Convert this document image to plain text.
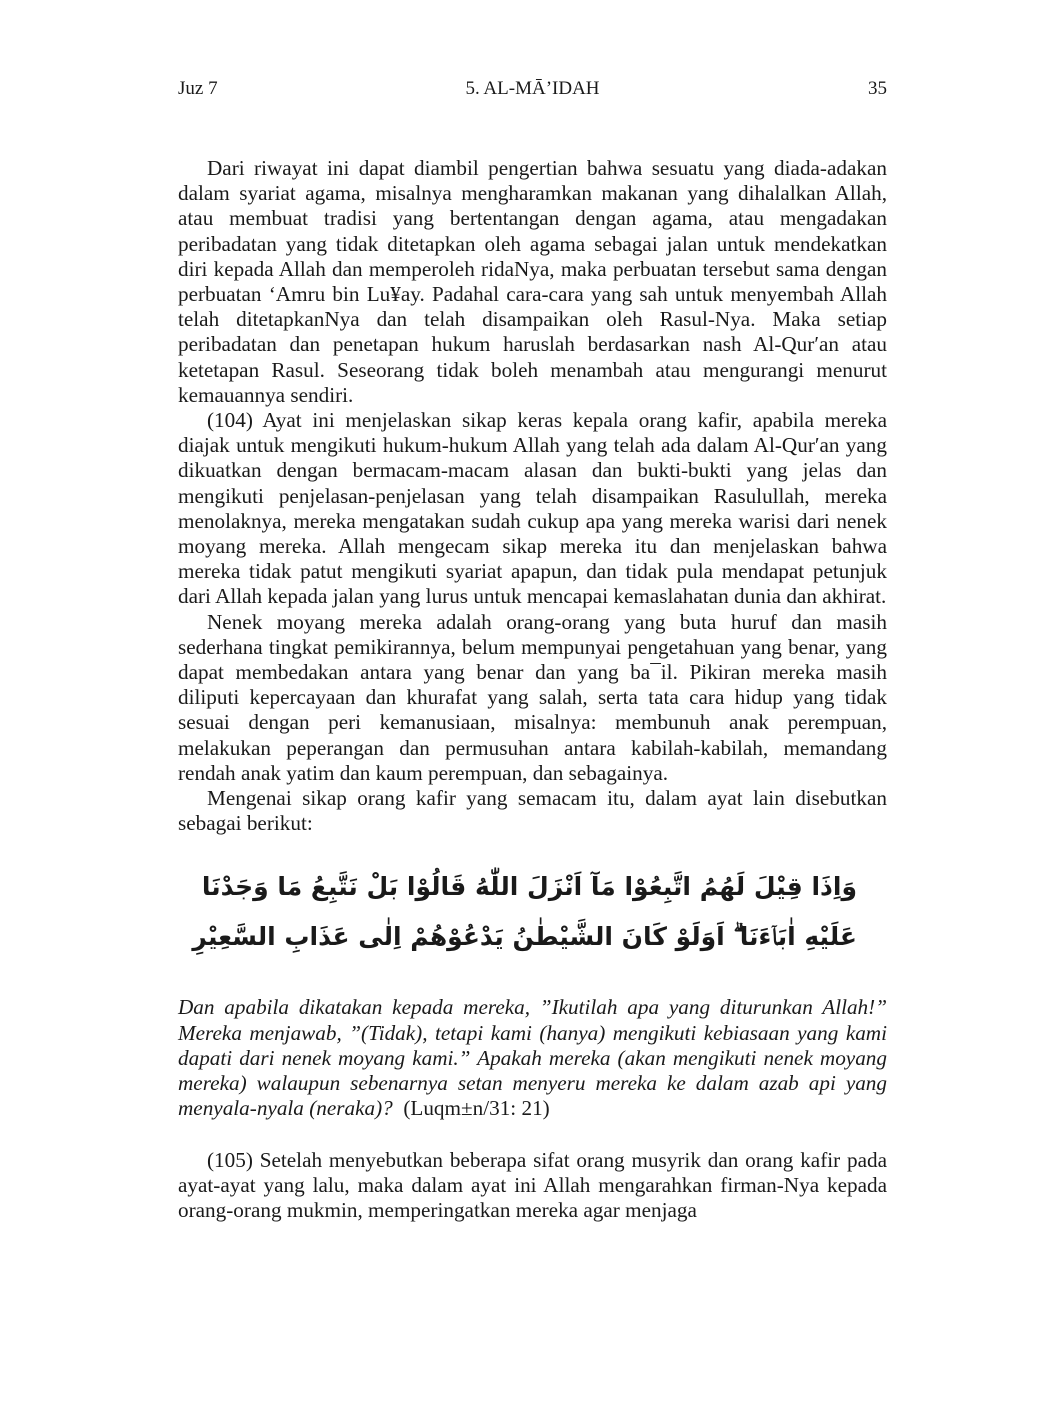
Juz 7	5. AL-MĀ’IDAH	35

Dari riwayat ini dapat diambil pengertian bahwa sesuatu yang diada-adakan dalam syariat agama, misalnya mengharamkan makanan yang dihalalkan Allah, atau membuat tradisi yang bertentangan dengan agama, atau mengadakan peribadatan yang tidak ditetapkan oleh agama sebagai jalan untuk mendekatkan diri kepada Allah dan memperoleh ridaNya, maka perbuatan tersebut sama dengan perbuatan ‘Amru bin Lu¥ay. Padahal cara-cara yang sah untuk menyembah Allah telah ditetapkanNya dan telah disampaikan oleh Rasul-Nya. Maka setiap peribadatan dan penetapan hukum haruslah berdasarkan nash Al-Qur′an atau ketetapan Rasul. Seseorang tidak boleh menambah atau mengurangi menurut kemauannya sendiri.

(104) Ayat ini menjelaskan sikap keras kepala orang kafir, apabila mereka diajak untuk mengikuti hukum-hukum Allah yang telah ada dalam Al-Qur′an yang dikuatkan dengan bermacam-macam alasan dan bukti-bukti yang jelas dan mengikuti penjelasan-penjelasan yang telah disampaikan Rasulullah, mereka menolaknya, mereka mengatakan sudah cukup apa yang mereka warisi dari nenek moyang mereka. Allah mengecam sikap mereka itu dan menjelaskan bahwa mereka tidak patut mengikuti syariat apapun, dan tidak pula mendapat petunjuk dari Allah kepada jalan yang lurus untuk mencapai kemaslahatan dunia dan akhirat.

Nenek moyang mereka adalah orang-orang yang buta huruf dan masih sederhana tingkat pemikirannya, belum mempunyai pengetahuan yang benar, yang dapat membedakan antara yang benar dan yang ba¯il. Pikiran mereka masih diliputi kepercayaan dan khurafat yang salah, serta tata cara hidup yang tidak sesuai dengan peri kemanusiaan, misalnya: membunuh anak perempuan, melakukan peperangan dan permusuhan antara kabilah-kabilah, memandang rendah anak yatim dan kaum perempuan, dan sebagainya.

Mengenai sikap orang kafir yang semacam itu, dalam ayat lain disebutkan sebagai berikut:

وَاِذَا قِيْلَ لَهُمُ اتَّبِعُوْا مَآ اَنْزَلَ اللّٰهُ قَالُوْا بَلْ نَتَّبِعُ مَا وَجَدْنَا عَلَيْهِ اٰبَاۤءَنَا ۗ اَوَلَوْ كَانَ الشَّيْطٰنُ يَدْعُوْهُمْ اِلٰى عَذَابِ السَّعِيْرِ
Dan apabila dikatakan kepada mereka, ”Ikutilah apa yang diturunkan Allah!” Mereka menjawab, ”(Tidak), tetapi kami (hanya) mengikuti kebiasaan yang kami dapati dari nenek moyang kami.” Apakah mereka (akan mengikuti nenek moyang mereka) walaupun sebenarnya setan menyeru mereka ke dalam azab api yang menyala-nyala (neraka)? (Luqm±n/31: 21)

(105) Setelah menyebutkan beberapa sifat orang musyrik dan orang kafir pada ayat-ayat yang lalu, maka dalam ayat ini Allah mengarahkan firman-Nya kepada orang-orang mukmin, memperingatkan mereka agar menjaga
